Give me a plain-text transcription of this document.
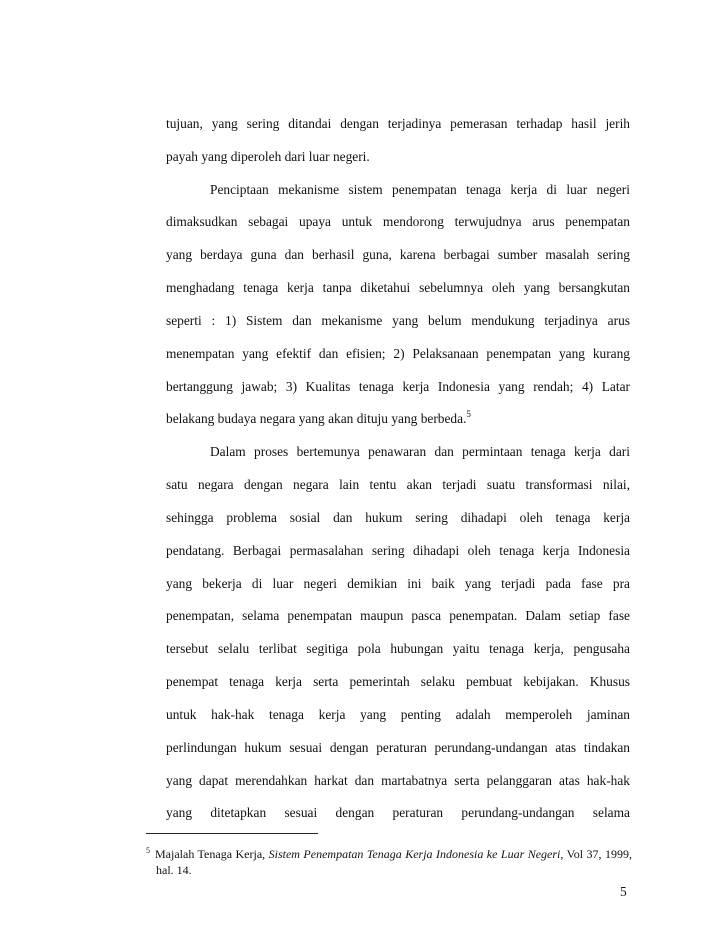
tujuan, yang sering ditandai dengan terjadinya pemerasan terhadap hasil jerih
payah yang diperoleh dari luar negeri.
Penciptaan mekanisme sistem penempatan tenaga kerja di luar negeri
dimaksudkan sebagai upaya untuk mendorong terwujudnya arus penempatan
yang berdaya guna dan berhasil guna, karena berbagai sumber masalah sering
menghadang tenaga kerja tanpa diketahui sebelumnya oleh yang bersangkutan
seperti : 1) Sistem dan mekanisme yang belum mendukung terjadinya arus
menempatan yang efektif dan efisien; 2) Pelaksanaan penempatan yang kurang
bertanggung jawab; 3) Kualitas tenaga kerja Indonesia yang rendah; 4) Latar
belakang budaya negara yang akan dituju yang berbeda.$^5$
Dalam proses bertemunya penawaran dan permintaan tenaga kerja dari
satu negara dengan negara lain tentu akan terjadi suatu transformasi nilai,
sehingga problema sosial dan hukum sering dihadapi oleh tenaga kerja
pendatang. Berbagai permasalahan sering dihadapi oleh tenaga kerja Indonesia
yang bekerja di luar negeri demikian ini baik yang terjadi pada fase pra
penempatan, selama penempatan maupun pasca penempatan. Dalam setiap fase
tersebut selalu terlibat segitiga pola hubungan yaitu tenaga kerja, pengusaha
penempat tenaga kerja serta pemerintah selaku pembuat kebijakan. Khusus
untuk hak-hak tenaga kerja yang penting adalah memperoleh jaminan
perlindungan hukum sesuai dengan peraturan perundang-undangan atas tindakan
yang dapat merendahkan harkat dan martabatnya serta pelanggaran atas hak-hak
yang ditetapkan sesuai dengan peraturan perundang-undangan selama
$^5$ Majalah Tenaga Kerja, Sistem Penempatan Tenaga Kerja Indonesia ke Luar Negeri, Vol 37, 1999,
hal. 14.
5
